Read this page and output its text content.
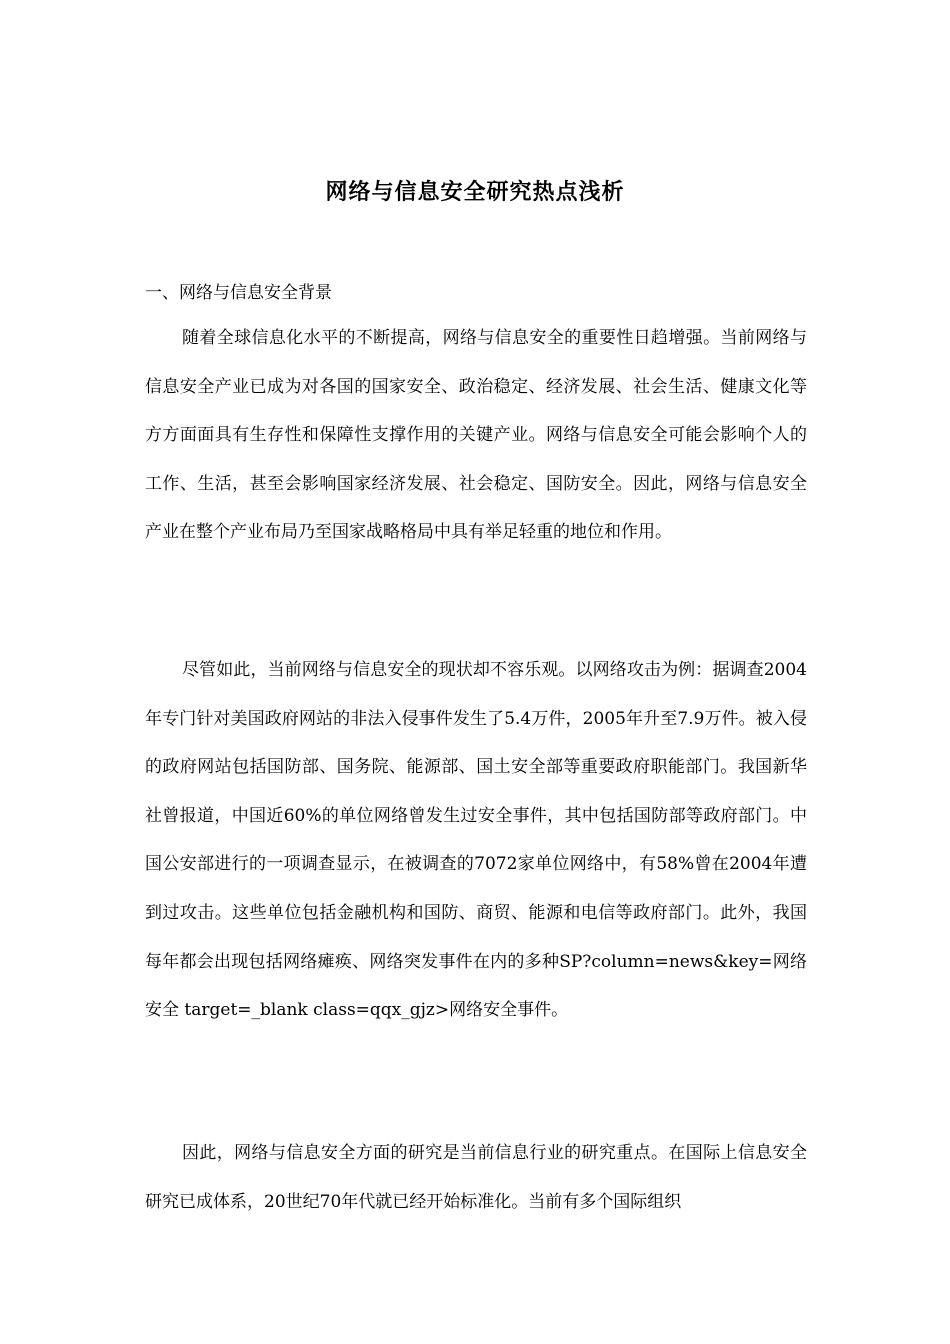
网络与信息安全研究热点浅析
一、网络与信息安全背景
随着全球信息化水平的不断提高，网络与信息安全的重要性日趋增强。当前网络与信息安全产业已成为对各国的国家安全、政治稳定、经济发展、社会生活、健康文化等方方面面具有生存性和保障性支撑作用的关键产业。网络与信息安全可能会影响个人的工作、生活，甚至会影响国家经济发展、社会稳定、国防安全。因此，网络与信息安全产业在整个产业布局乃至国家战略格局中具有举足轻重的地位和作用。
尽管如此，当前网络与信息安全的现状却不容乐观。以网络攻击为例：据调查2004年专门针对美国政府网站的非法入侵事件发生了5.4万件，2005年升至7.9万件。被入侵的政府网站包括国防部、国务院、能源部、国土安全部等重要政府职能部门。我国新华社曾报道，中国近60%的单位网络曾发生过安全事件，其中包括国防部等政府部门。中国公安部进行的一项调查显示，在被调查的7072家单位网络中，有58%曾在2004年遭到过攻击。这些单位包括金融机构和国防、商贸、能源和电信等政府部门。此外，我国每年都会出现包括网络瘫痪、网络突发事件在内的多种SP?column=news&key=网络安全 target=_blank class=qqx_gjz>网络安全事件。
因此，网络与信息安全方面的研究是当前信息行业的研究重点。在国际上信息安全研究已成体系，20世纪70年代就已经开始标准化。当前有多个国际组织
